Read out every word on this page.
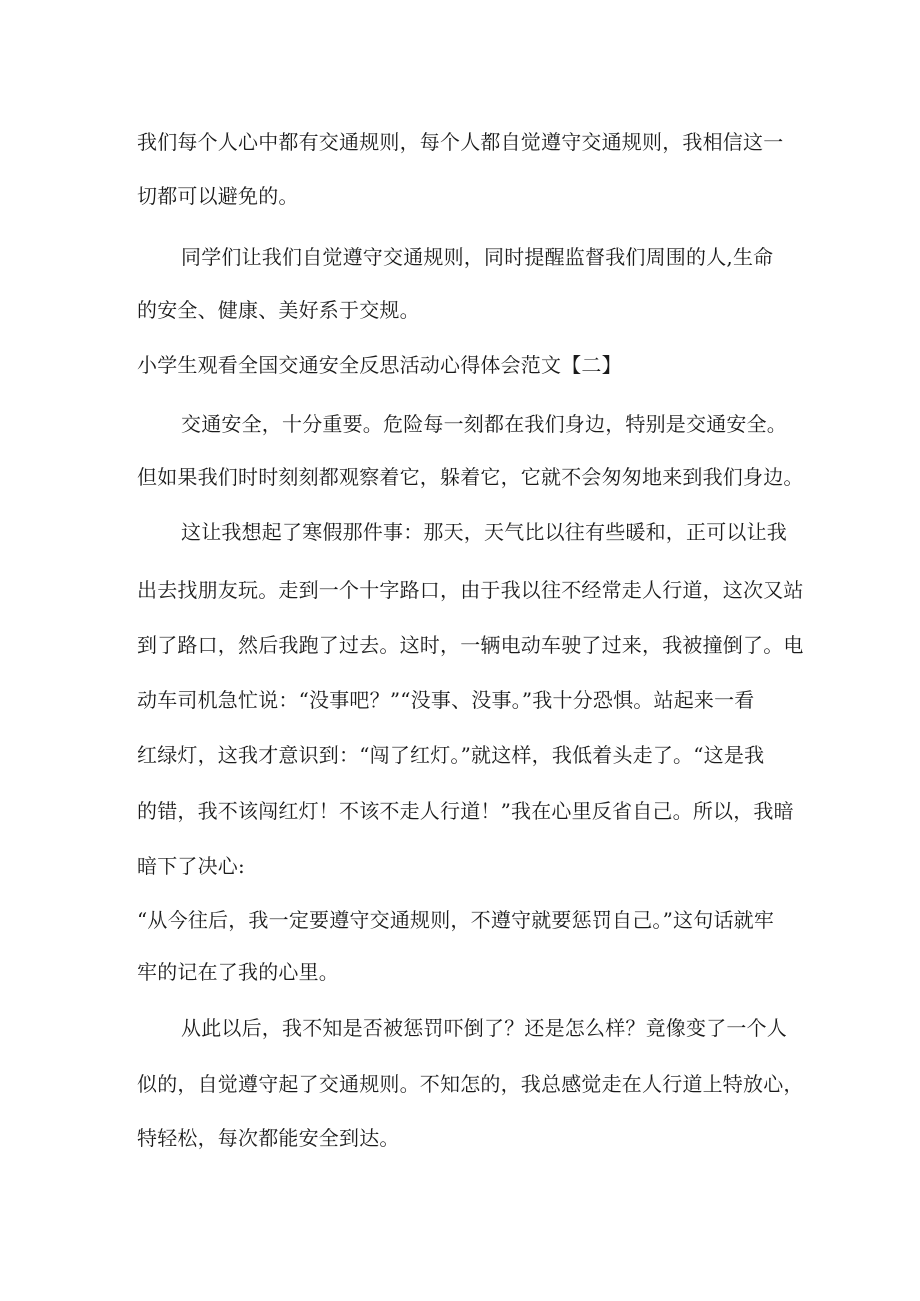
我们每个人心中都有交通规则，每个人都自觉遵守交通规则，我相信这一
切都可以避免的。
同学们让我们自觉遵守交通规则，同时提醒监督我们周围的人,生命
的安全、健康、美好系于交规。
小学生观看全国交通安全反思活动心得体会范文【二】
交通安全，十分重要。危险每一刻都在我们身边，特别是交通安全。
但如果我们时时刻刻都观察着它，躲着它，它就不会匆匆地来到我们身边。
这让我想起了寒假那件事：那天，天气比以往有些暖和，正可以让我
出去找朋友玩。走到一个十字路口，由于我以往不经常走人行道，这次又站
到了路口，然后我跑了过去。这时，一辆电动车驶了过来，我被撞倒了。电
动车司机急忙说：“没事吧？”“没事、没事。”我十分恐惧。站起来一看
红绿灯，这我才意识到：“闯了红灯。”就这样，我低着头走了。“这是我
的错，我不该闯红灯！不该不走人行道！”我在心里反省自己。所以，我暗
暗下了决心:
“从今往后，我一定要遵守交通规则，不遵守就要惩罚自己。”这句话就牢
牢的记在了我的心里。
从此以后，我不知是否被惩罚吓倒了？还是怎么样？竟像变了一个人
似的，自觉遵守起了交通规则。不知怎的，我总感觉走在人行道上特放心，
特轻松，每次都能安全到达。
